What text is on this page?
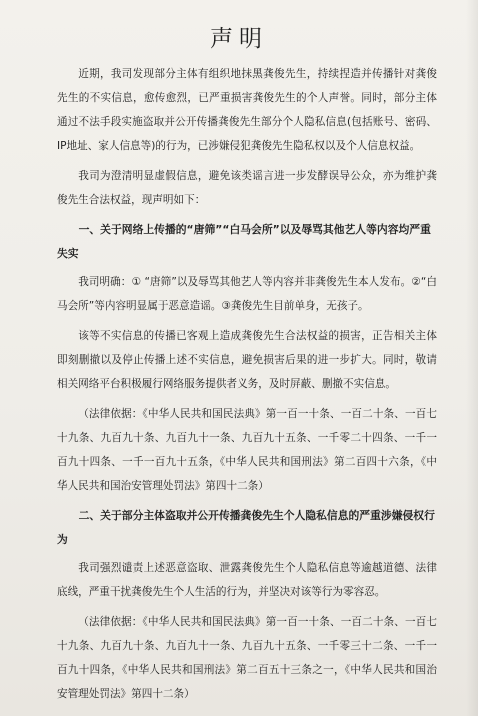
声明

近期，我司发现部分主体有组织地抹黑龚俊先生，持续捏造并传播针对龚俊先生的不实信息，愈传愈烈，已严重损害龚俊先生的个人声誉。同时，部分主体通过不法手段实施盗取并公开传播龚俊先生部分个人隐私信息(包括账号、密码、IP地址、家人信息等)的行为，已涉嫌侵犯龚俊先生隐私权以及个人信息权益。

我司为澄清明显虚假信息，避免该类谣言进一步发酵误导公众，亦为维护龚俊先生合法权益，现声明如下：

一、关于网络上传播的“唐筛”“白马会所”以及辱骂其他艺人等内容均严重失实

我司明确：① “唐筛”以及辱骂其他艺人等内容并非龚俊先生本人发布。②“白马会所”等内容明显属于恶意造谣。③龚俊先生目前单身，无孩子。

该等不实信息的传播已客观上造成龚俊先生合法权益的损害，正告相关主体即刻删撤以及停止传播上述不实信息，避免损害后果的进一步扩大。同时，敬请相关网络平台积极履行网络服务提供者义务，及时屏蔽、删撤不实信息。

（法律依据：《中华人民共和国民法典》第一百一十条、一百二十条、一百七十九条、九百九十条、九百九十一条、九百九十五条、一千零二十四条、一千一百九十四条、一千一百九十五条，《中华人民共和国刑法》第二百四十六条，《中华人民共和国治安管理处罚法》第四十二条）

二、关于部分主体盗取并公开传播龚俊先生个人隐私信息的严重涉嫌侵权行为

我司强烈谴责上述恶意盗取、泄露龚俊先生个人隐私信息等逾越道德、法律底线，严重干扰龚俊先生个人生活的行为，并坚决对该等行为零容忍。

（法律依据：《中华人民共和国民法典》第一百一十条、一百二十条、一百七十九条、九百九十条、九百九十一条、九百九十五条、一千零三十二条、一千一百九十四条，《中华人民共和国刑法》第二百五十三条之一，《中华人民共和国治安管理处罚法》第四十二条）
